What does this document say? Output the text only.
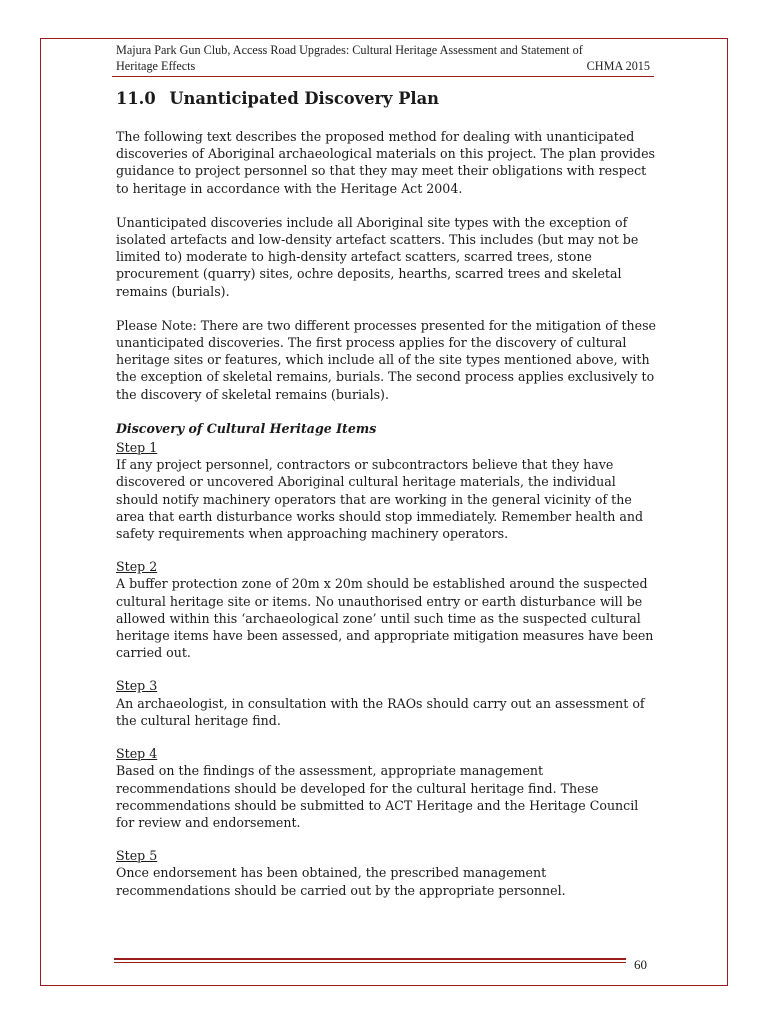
Majura Park Gun Club, Access Road Upgrades: Cultural Heritage Assessment and Statement of
Heritage Effects	CHMA 2015
11.0 Unanticipated Discovery Plan

The following text describes the proposed method for dealing with unanticipated discoveries of Aboriginal archaeological materials on this project. The plan provides guidance to project personnel so that they may meet their obligations with respect to heritage in accordance with the Heritage Act 2004.

Unanticipated discoveries include all Aboriginal site types with the exception of isolated artefacts and low-density artefact scatters. This includes (but may not be limited to) moderate to high-density artefact scatters, scarred trees, stone procurement (quarry) sites, ochre deposits, hearths, scarred trees and skeletal remains (burials).

Please Note: There are two different processes presented for the mitigation of these unanticipated discoveries. The first process applies for the discovery of cultural heritage sites or features, which include all of the site types mentioned above, with the exception of skeletal remains, burials. The second process applies exclusively to the discovery of skeletal remains (burials).

Discovery of Cultural Heritage Items

Step 1

If any project personnel, contractors or subcontractors believe that they have discovered or uncovered Aboriginal cultural heritage materials, the individual should notify machinery operators that are working in the general vicinity of the area that earth disturbance works should stop immediately. Remember health and safety requirements when approaching machinery operators.

Step 2

A buffer protection zone of 20m x 20m should be established around the suspected cultural heritage site or items. No unauthorised entry or earth disturbance will be allowed within this ‘archaeological zone’ until such time as the suspected cultural heritage items have been assessed, and appropriate mitigation measures have been carried out.

Step 3

An archaeologist, in consultation with the RAOs should carry out an assessment of the cultural heritage find.

Step 4

Based on the findings of the assessment, appropriate management recommendations should be developed for the cultural heritage find. These recommendations should be submitted to ACT Heritage and the Heritage Council for review and endorsement.

Step 5

Once endorsement has been obtained, the prescribed management recommendations should be carried out by the appropriate personnel.

60
